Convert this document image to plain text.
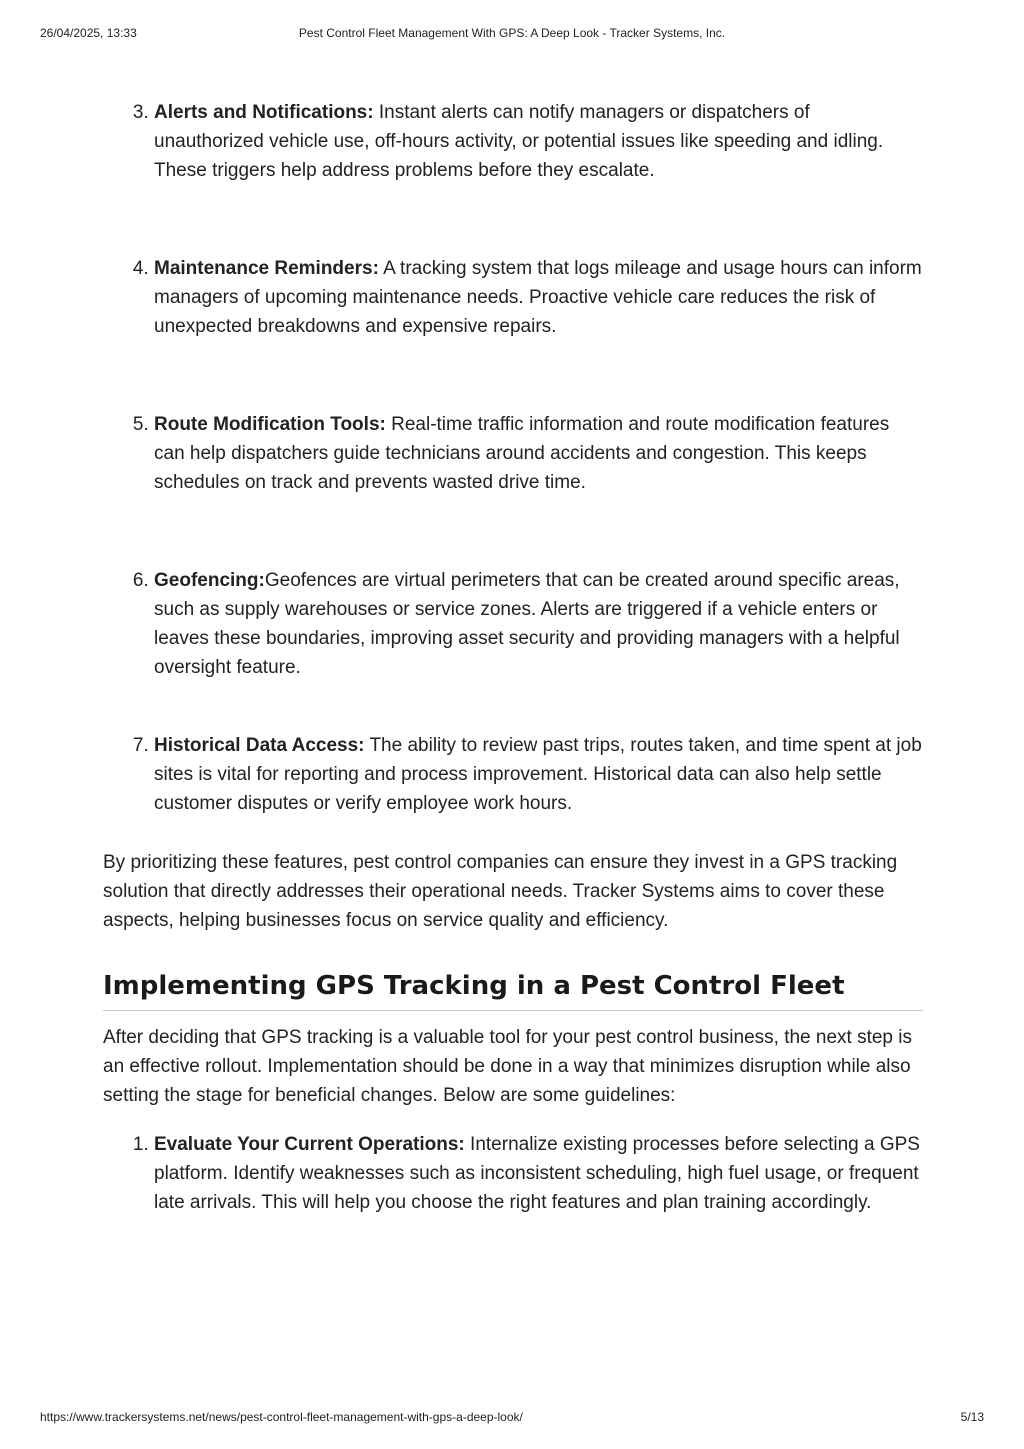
26/04/2025, 13:33	Pest Control Fleet Management With GPS: A Deep Look - Tracker Systems, Inc.
3. Alerts and Notifications: Instant alerts can notify managers or dispatchers of unauthorized vehicle use, off-hours activity, or potential issues like speeding and idling. These triggers help address problems before they escalate.
4. Maintenance Reminders: A tracking system that logs mileage and usage hours can inform managers of upcoming maintenance needs. Proactive vehicle care reduces the risk of unexpected breakdowns and expensive repairs.
5. Route Modification Tools: Real-time traffic information and route modification features can help dispatchers guide technicians around accidents and congestion. This keeps schedules on track and prevents wasted drive time.
6. Geofencing:Geofences are virtual perimeters that can be created around specific areas, such as supply warehouses or service zones. Alerts are triggered if a vehicle enters or leaves these boundaries, improving asset security and providing managers with a helpful oversight feature.
7. Historical Data Access: The ability to review past trips, routes taken, and time spent at job sites is vital for reporting and process improvement. Historical data can also help settle customer disputes or verify employee work hours.

By prioritizing these features, pest control companies can ensure they invest in a GPS tracking solution that directly addresses their operational needs. Tracker Systems aims to cover these aspects, helping businesses focus on service quality and efficiency.

Implementing GPS Tracking in a Pest Control Fleet

After deciding that GPS tracking is a valuable tool for your pest control business, the next step is an effective rollout. Implementation should be done in a way that minimizes disruption while also setting the stage for beneficial changes. Below are some guidelines:

1. Evaluate Your Current Operations: Internalize existing processes before selecting a GPS platform. Identify weaknesses such as inconsistent scheduling, high fuel usage, or frequent late arrivals. This will help you choose the right features and plan training accordingly.
https://www.trackersystems.net/news/pest-control-fleet-management-with-gps-a-deep-look/	5/13
